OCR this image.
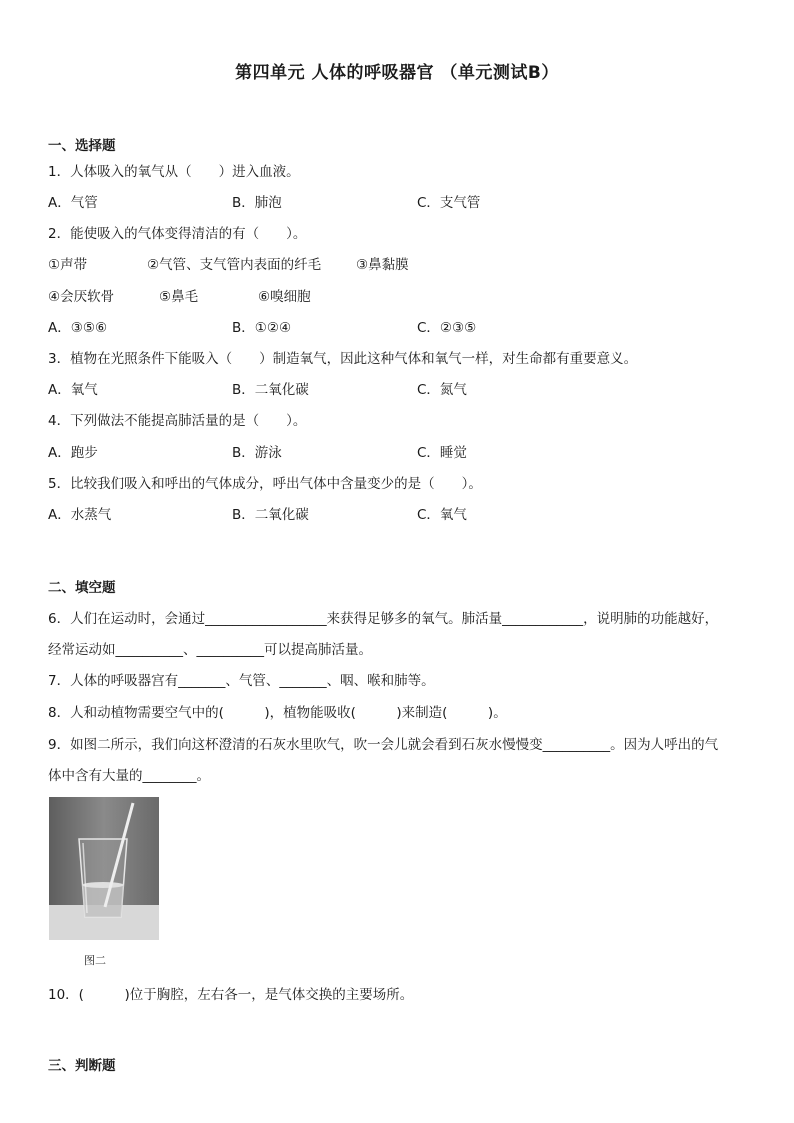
第四单元 人体的呼吸器官 （单元测试B）
一、选择题
1．人体吸入的氧气从（　　）进入血液。
A．气管	B．肺泡	C．支气管
2．能使吸入的气体变得清洁的有（　　）。
①声带	②气管、支气管内表面的纤毛	③鼻黏膜
④会厌软骨	⑤鼻毛	⑥嗅细胞
A．③⑤⑥	B．①②④	C．②③⑤
3．植物在光照条件下能吸入（　　）制造氧气，因此这种气体和氧气一样，对生命都有重要意义。
A．氧气	B．二氧化碳	C．氮气
4．下列做法不能提高肺活量的是（　　）。
A．跑步	B．游泳	C．睡觉
5．比较我们吸入和呼出的气体成分，呼出气体中含量变少的是（　　）。
A．水蒸气	B．二氧化碳	C．氧气
二、填空题
6．人们在运动时，会通过__________________来获得足够多的氧气。肺活量____________，说明肺的功能越好，
经常运动如__________、__________可以提高肺活量。
7．人体的呼吸器宫有_______、气管、_______、咽、喉和肺等。
8．人和动植物需要空气中的(　　　)，植物能吸收(　　　)来制造(　　　)。
9．如图二所示，我们向这杯澄清的石灰水里吹气，吹一会儿就会看到石灰水慢慢变__________。因为人呼出的气
体中含有大量的________。
图二
10．(　　　)位于胸腔，左右各一，是气体交换的主要场所。
三、判断题
